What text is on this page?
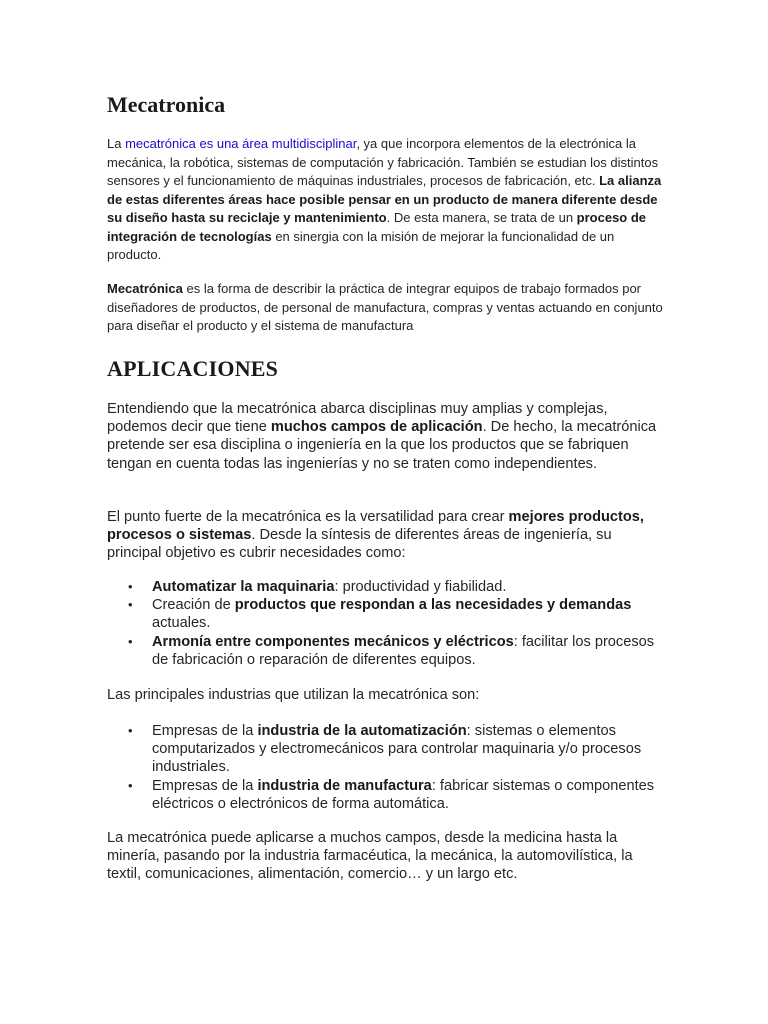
Mecatronica

La mecatrónica es una área multidisciplinar, ya que incorpora elementos de la electrónica la mecánica, la robótica, sistemas de computación y fabricación. También se estudian los distintos sensores y el funcionamiento de máquinas industriales, procesos de fabricación, etc. La alianza de estas diferentes áreas hace posible pensar en un producto de manera diferente desde su diseño hasta su reciclaje y mantenimiento. De esta manera, se trata de un proceso de integración de tecnologías en sinergia con la misión de mejorar la funcionalidad de un producto.

Mecatrónica es la forma de describir la práctica de integrar equipos de trabajo formados por diseñadores de productos, de personal de manufactura, compras y ventas actuando en conjunto para diseñar el producto y el sistema de manufactura

APLICACIONES

Entendiendo que la mecatrónica abarca disciplinas muy amplias y complejas, podemos decir que tiene muchos campos de aplicación. De hecho, la mecatrónica pretende ser esa disciplina o ingeniería en la que los productos que se fabriquen tengan en cuenta todas las ingenierías y no se traten como independientes.

El punto fuerte de la mecatrónica es la versatilidad para crear mejores productos, procesos o sistemas. Desde la síntesis de diferentes áreas de ingeniería, su principal objetivo es cubrir necesidades como:

• Automatizar la maquinaria: productividad y fiabilidad.
• Creación de productos que respondan a las necesidades y demandas actuales.
• Armonía entre componentes mecánicos y eléctricos: facilitar los procesos de fabricación o reparación de diferentes equipos.

Las principales industrias que utilizan la mecatrónica son:

• Empresas de la industria de la automatización: sistemas o elementos computarizados y electromecánicos para controlar maquinaria y/o procesos industriales.
• Empresas de la industria de manufactura: fabricar sistemas o componentes eléctricos o electrónicos de forma automática.

La mecatrónica puede aplicarse a muchos campos, desde la medicina hasta la minería, pasando por la industria farmacéutica, la mecánica, la automovilística, la textil, comunicaciones, alimentación, comercio… y un largo etc.
